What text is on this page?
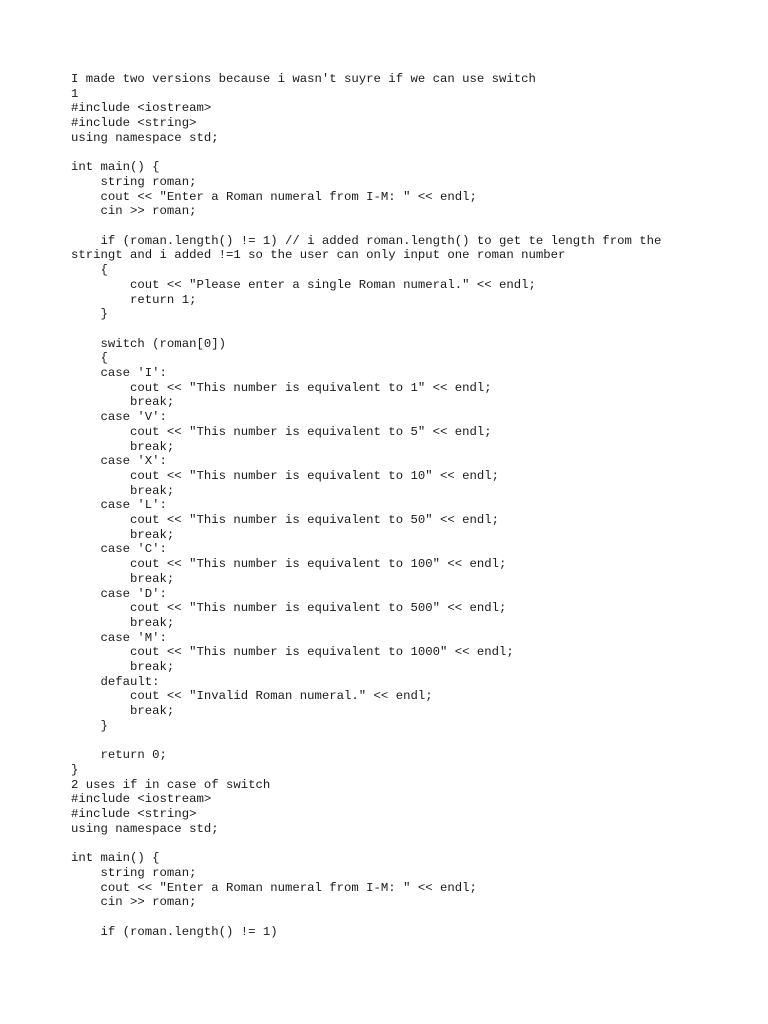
I made two versions because i wasn't suyre if we can use switch
1
#include <iostream>
#include <string>
using namespace std;
int main() {
string roman;
cout << "Enter a Roman numeral from I-M: " << endl;
cin >> roman;
if (roman.length() != 1) // i added roman.length() to get te length from the
stringt and i added !=1 so the user can only input one roman number
{
cout << "Please enter a single Roman numeral." << endl;
return 1;
}
switch (roman[0])
{
case 'I':
cout << "This number is equivalent to 1" << endl;
break;
case 'V':
cout << "This number is equivalent to 5" << endl;
break;
case 'X':
cout << "This number is equivalent to 10" << endl;
break;
case 'L':
cout << "This number is equivalent to 50" << endl;
break;
case 'C':
cout << "This number is equivalent to 100" << endl;
break;
case 'D':
cout << "This number is equivalent to 500" << endl;
break;
case 'M':
cout << "This number is equivalent to 1000" << endl;
break;
default:
cout << "Invalid Roman numeral." << endl;
break;
}
return 0;
}
2 uses if in case of switch
#include <iostream>
#include <string>
using namespace std;
int main() {
string roman;
cout << "Enter a Roman numeral from I-M: " << endl;
cin >> roman;
if (roman.length() != 1)
